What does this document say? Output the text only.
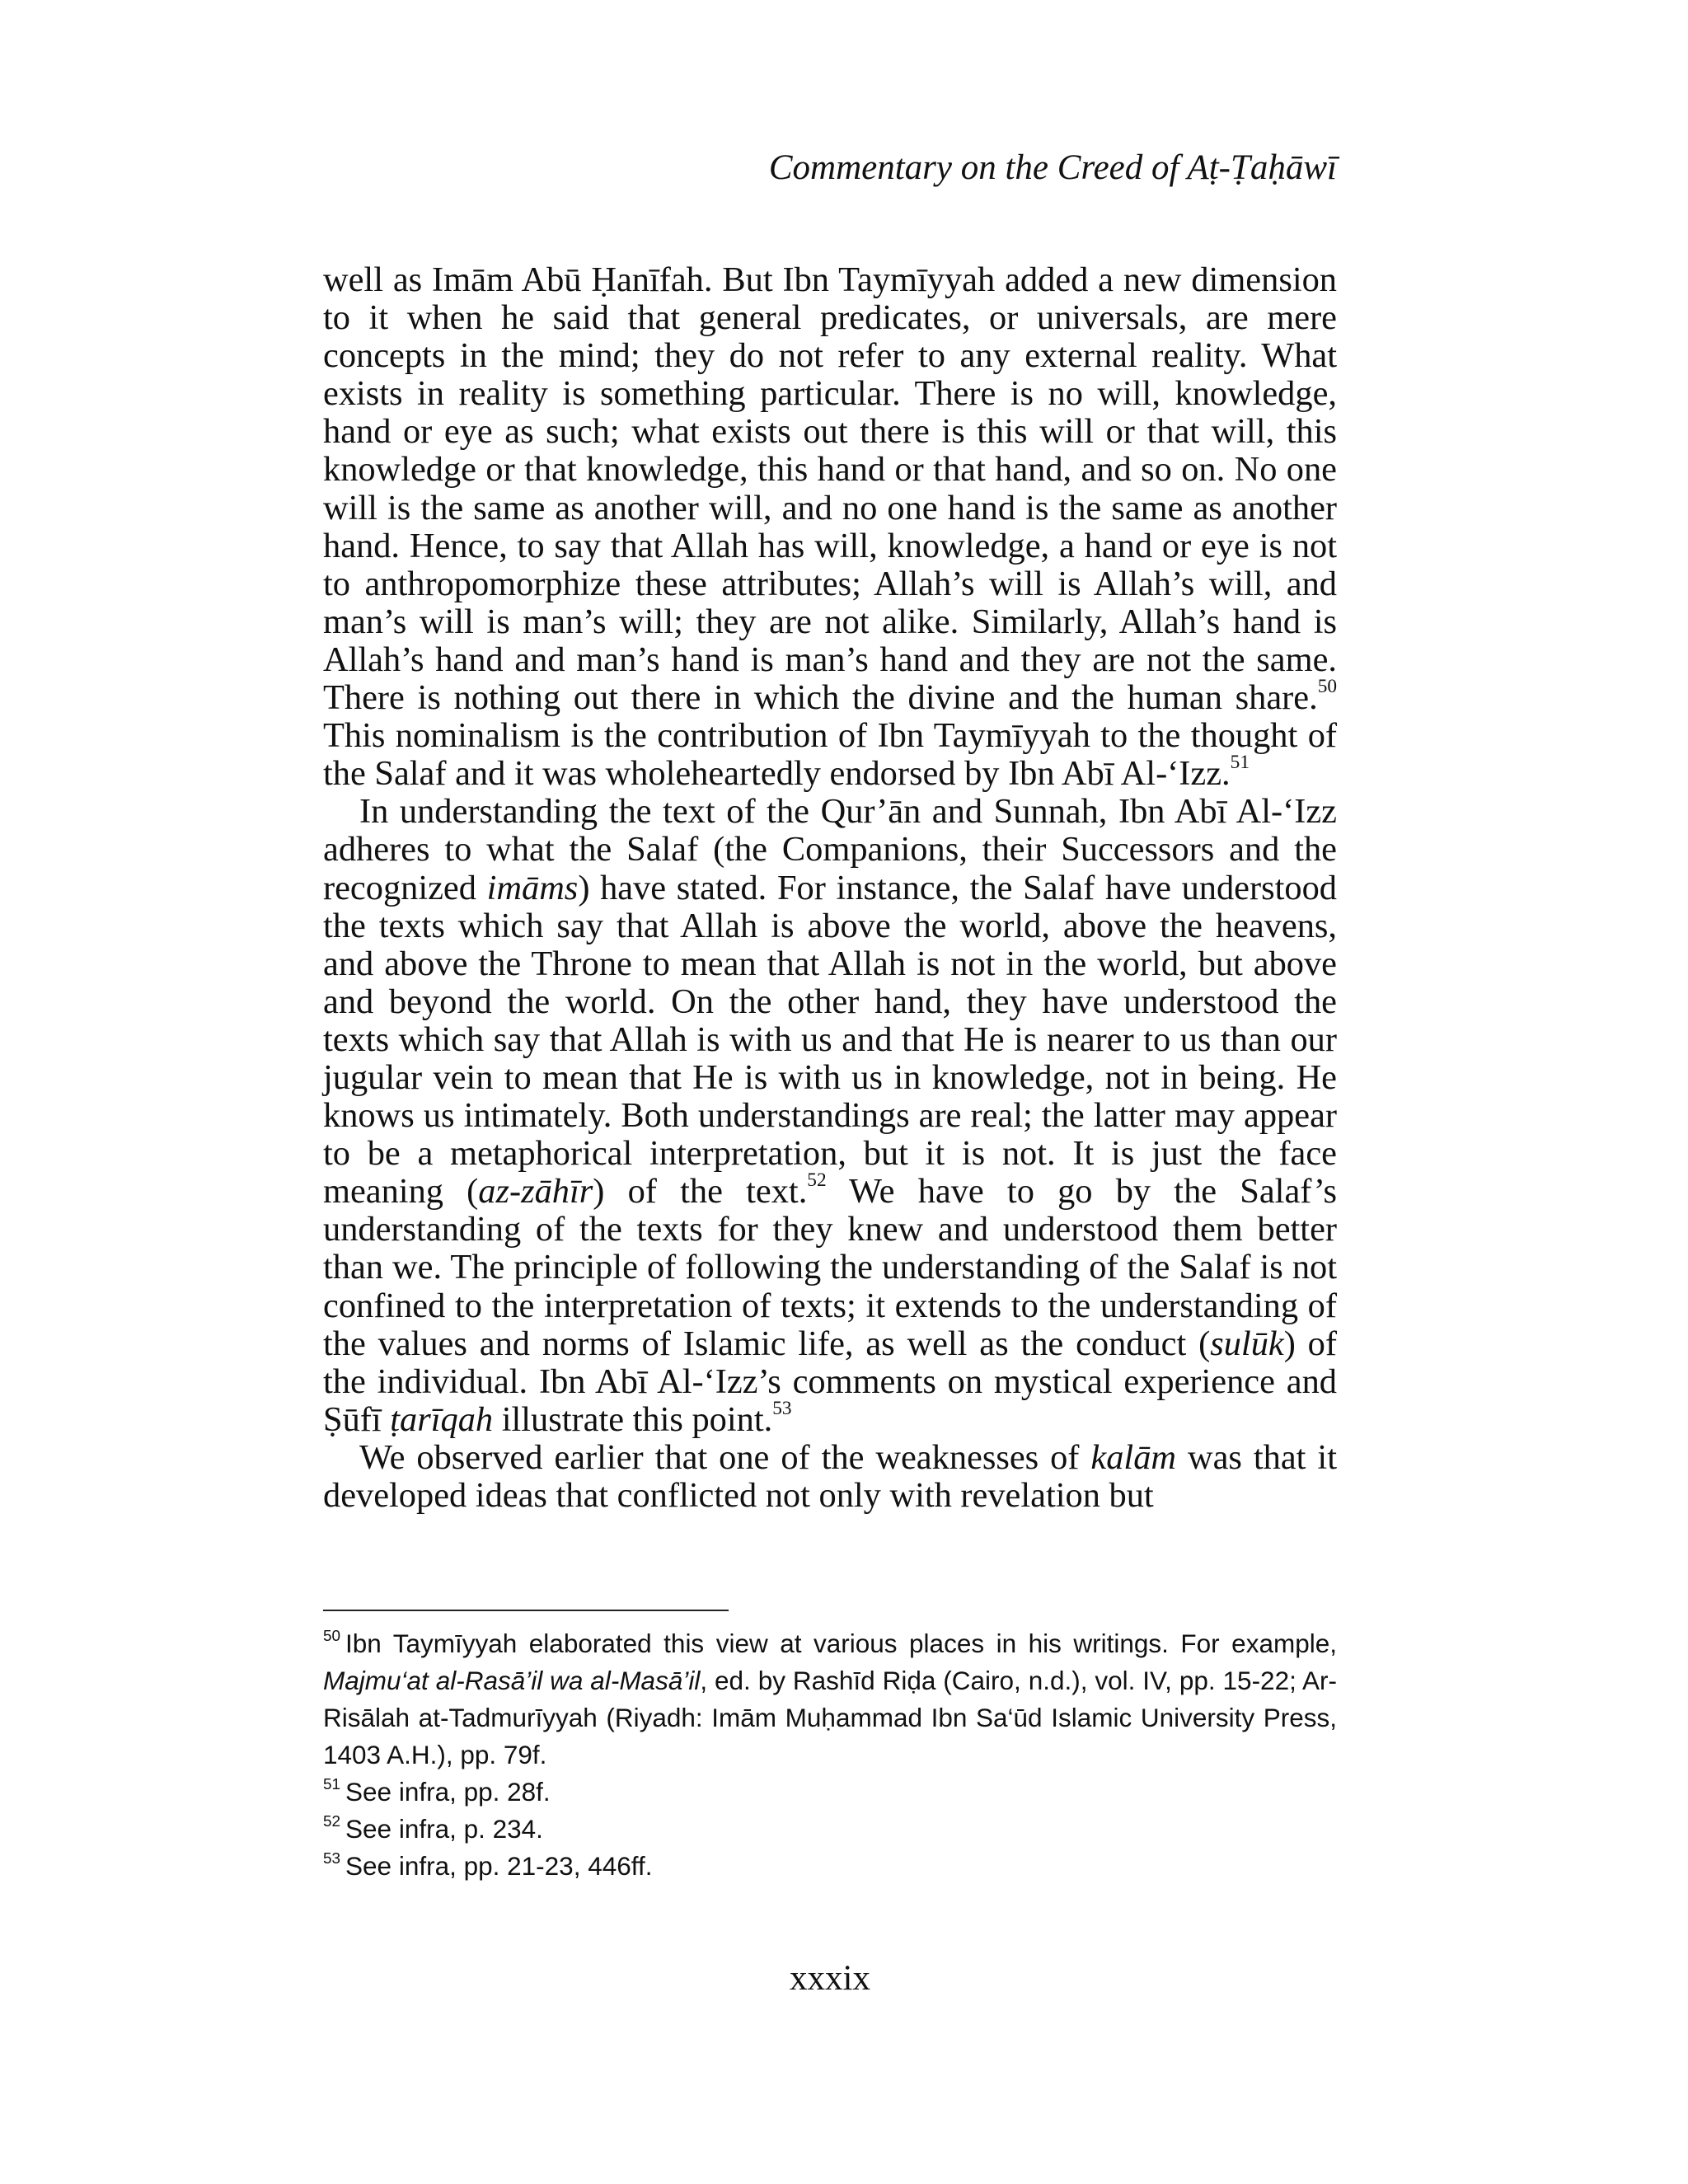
Commentary on the Creed of Aṭ-Ṭaḥāwī

well as Imām Abū Ḥanīfah. But Ibn Taymīyyah added a new dimension to it when he said that general predicates, or universals, are mere concepts in the mind; they do not refer to any external reality. What exists in reality is something particular. There is no will, knowledge, hand or eye as such; what exists out there is this will or that will, this knowledge or that knowledge, this hand or that hand, and so on. No one will is the same as another will, and no one hand is the same as another hand. Hence, to say that Allah has will, knowledge, a hand or eye is not to anthropomorphize these attributes; Allah’s will is Allah’s will, and man’s will is man’s will; they are not alike. Similarly, Allah’s hand is Allah’s hand and man’s hand is man’s hand and they are not the same. There is nothing out there in which the divine and the human share.$^{50}$ This nominalism is the contribution of Ibn Taymīyyah to the thought of the Salaf and it was wholeheartedly endorsed by Ibn Abī Al-‘Izz.$^{51}$

In understanding the text of the Qur’ān and Sunnah, Ibn Abī Al-‘Izz adheres to what the Salaf (the Companions, their Successors and the recognized imāms) have stated. For instance, the Salaf have understood the texts which say that Allah is above the world, above the heavens, and above the Throne to mean that Allah is not in the world, but above and beyond the world. On the other hand, they have understood the texts which say that Allah is with us and that He is nearer to us than our jugular vein to mean that He is with us in knowledge, not in being. He knows us intimately. Both understandings are real; the latter may appear to be a metaphorical interpretation, but it is not. It is just the face meaning (az-zāhīr) of the text.$^{52}$ We have to go by the Salaf’s understanding of the texts for they knew and understood them better than we. The principle of following the understanding of the Salaf is not confined to the interpretation of texts; it extends to the understanding of the values and norms of Islamic life, as well as the conduct (sulūk) of the individual. Ibn Abī Al-‘Izz’s comments on mystical experience and Ṣūfī ṭarīqah illustrate this point.$^{53}$

We observed earlier that one of the weaknesses of kalām was that it developed ideas that conflicted not only with revelation but

$^{50}$ Ibn Taymīyyah elaborated this view at various places in his writings. For example, Majmu‘at al-Rasā’il wa al-Masā’il, ed. by Rashīd Riḍa (Cairo, n.d.), vol. IV, pp. 15-22; Ar-Risālah at-Tadmurīyyah (Riyadh: Imām Muḥammad Ibn Sa‘ūd Islamic University Press, 1403 A.H.), pp. 79f.

$^{51}$ See infra, pp. 28f.

$^{52}$ See infra, p. 234.

$^{53}$ See infra, pp. 21-23, 446ff.

xxxix
